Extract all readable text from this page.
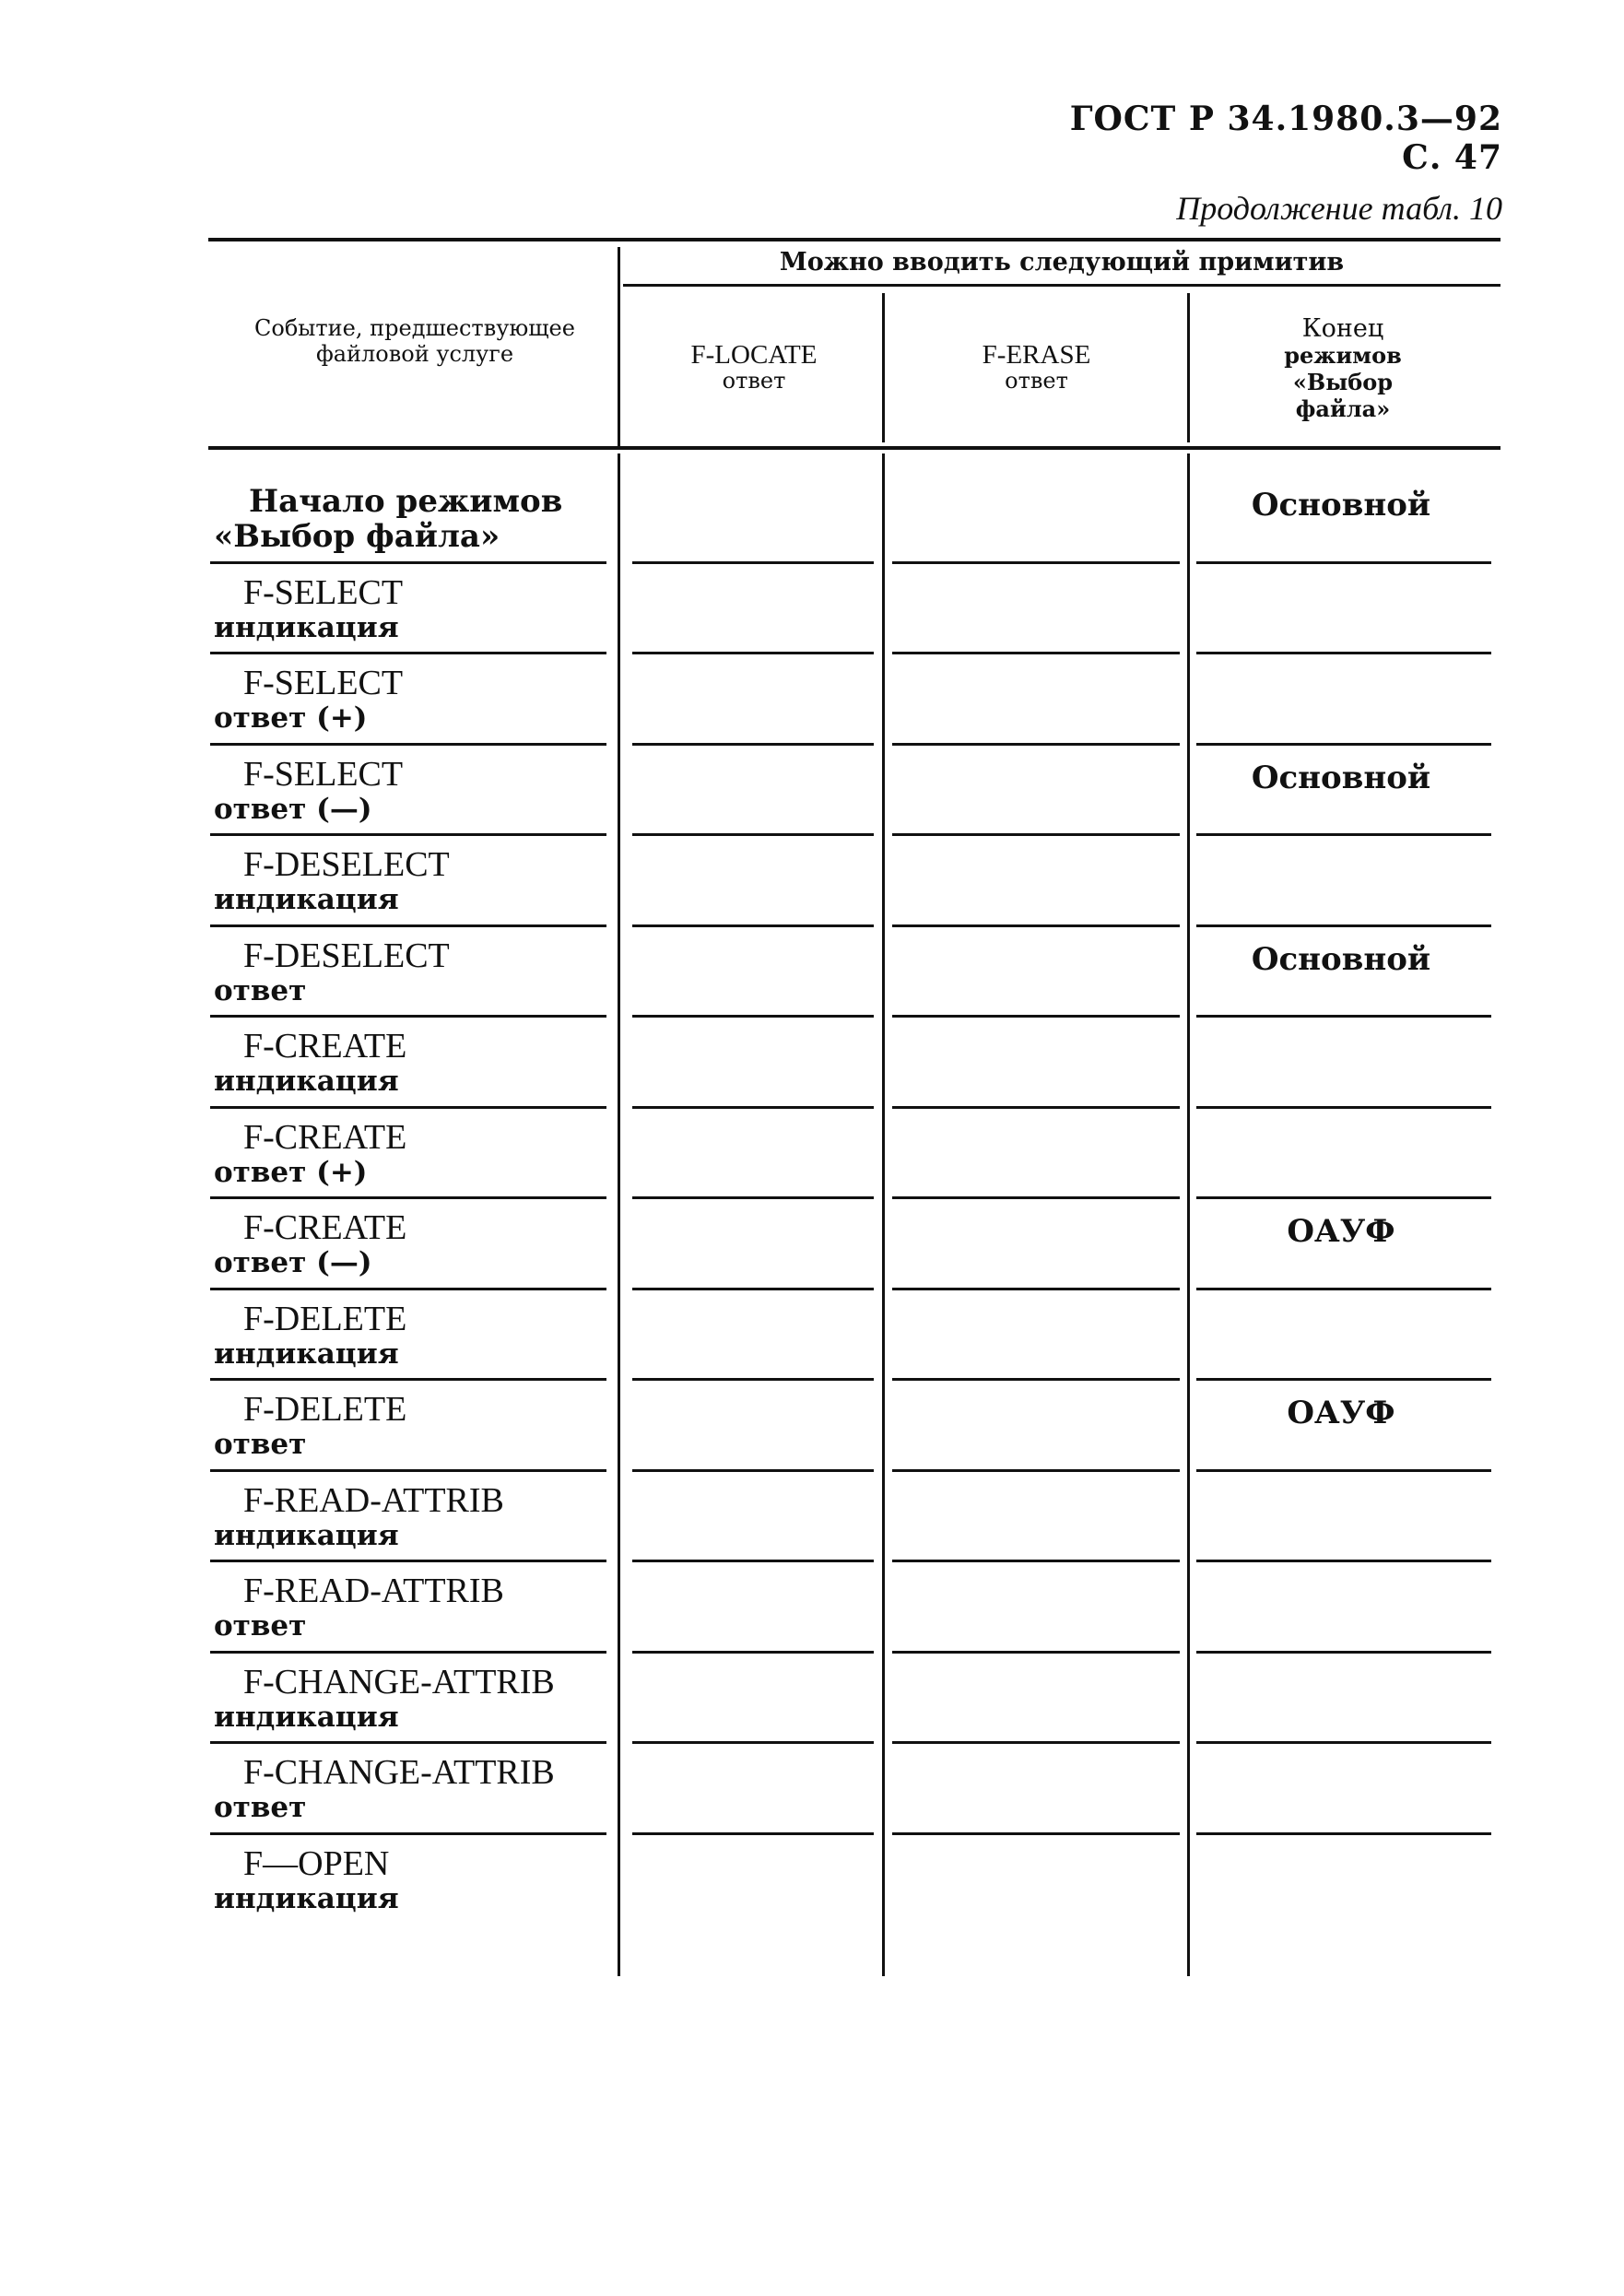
ГОСТ Р 34.1980.3—92 С. 47
Продолжение табл. 10
Можно вводить следующий примитив
Событие, предшествующее
файловой услуге	F-LOCATE
ответ
F-ERASE
ответ
Конец
режимов
«Выбор
файла»
Начало режимов
«Выбор файла»
Основной
F-SELECT
индикация
F-SELECT
ответ (+)
F-SELECT
ответ (—)
Основной
F-DESELECT
индикация
F-DESELECT
ответ
Основной
F-CREATE
индикация
F-CREATE
ответ (+)
F-CREATE
ответ (—)
ОАУФ
F-DELETE
индикация
F-DELETE
ответ
ОАУФ
F-READ-ATTRIB
индикация
F-READ-ATTRIB
ответ
F-CHANGE-ATTRIB
индикация
F-CHANGE-ATTRIB
ответ
F—OPEN
индикация
